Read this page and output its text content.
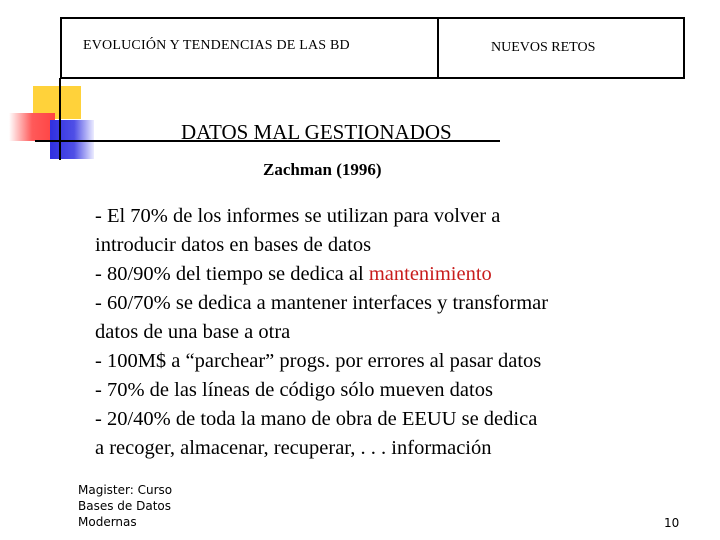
EVOLUCIÓN Y TENDENCIAS DE LAS BD	NUEVOS RETOS
DATOS MAL GESTIONADOS
Zachman (1996)
- El 70% de los informes se utilizan para volver a
introducir datos en bases de datos
- 80/90% del tiempo se dedica al mantenimiento
- 60/70% se dedica a mantener interfaces y transformar
datos de una base a otra
- 100M$ a “parchear” progs. por errores al pasar datos
- 70% de las líneas de código sólo mueven datos
- 20/40% de toda la mano de obra de EEUU se dedica
a recoger, almacenar, recuperar, . . . información
Magister: Curso
Bases de Datos
Modernas	10
